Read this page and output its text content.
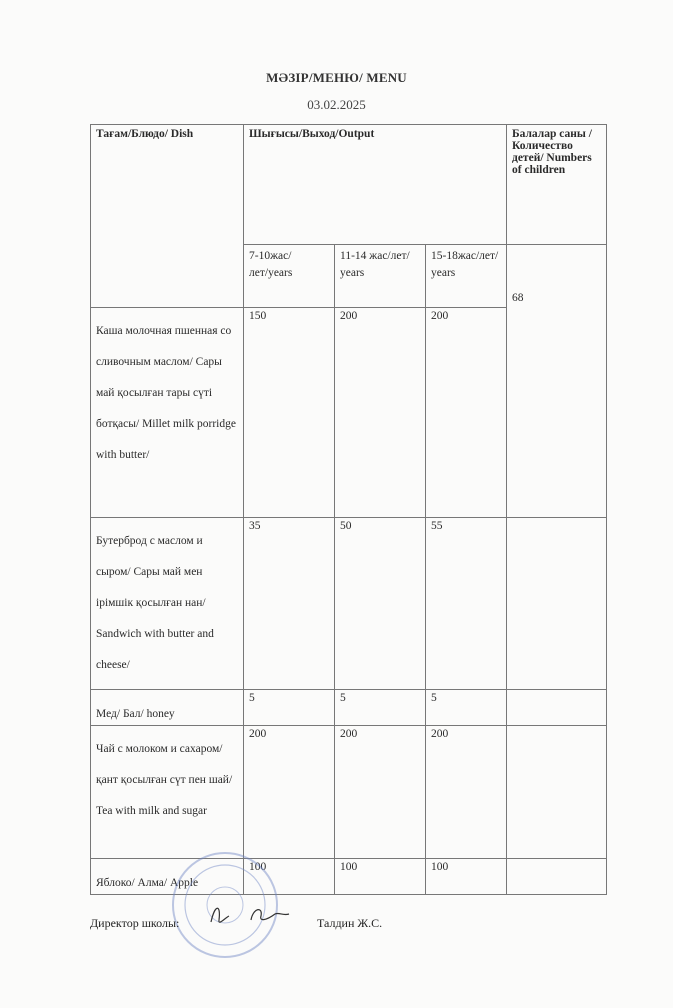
МӘЗІР/МЕНЮ/ MENU
03.02.2025
Тағам/Блюдо/ Dish	Шығысы/Выход/Output			Балалар саны /Количество детей/ Numbers of children
	7-10жас/лет/years	11-14 жас/лет/ years	15-18жас/лет/ years	68

Каша молочная пшенная со сливочным маслом/ Сары май қосылған тары сүті ботқасы/ Millet milk porridge with butter/	150	200	200	
Бутерброд с маслом и сыром/ Сары май мен ірімшік қосылған нан/ Sandwich with butter and cheese/	35	50	55	
Мед/ Бал/ honey	5	5	5	
Чай с молоком и сахаром/қант қосылған сүт пен шай/ Tea with milk and sugar	200	200	200	
Яблоко/ Алма/ Apple	100	100	100	
Директор школы:	Талдин Ж.С.
